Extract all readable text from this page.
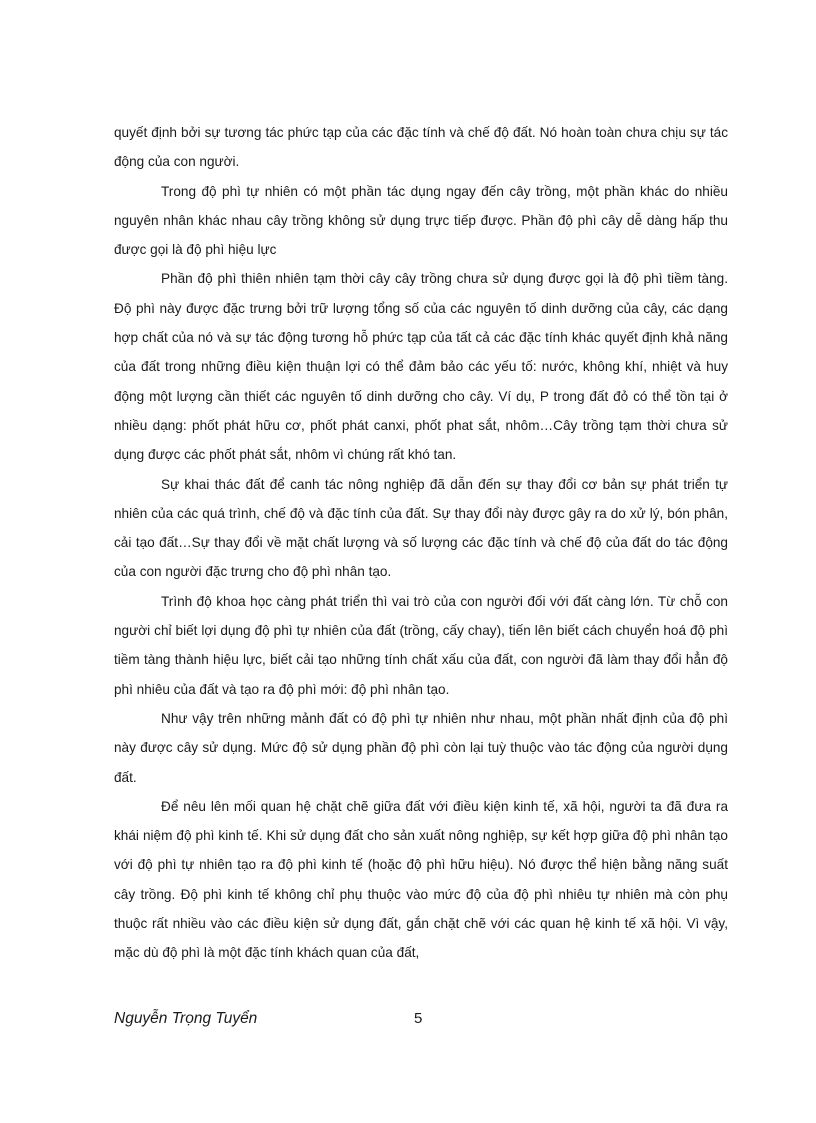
quyết định bởi sự tương tác phức tạp của các đặc tính và chế độ đất. Nó hoàn toàn chưa chịu sự tác động của con người.

Trong độ phì tự nhiên có một phần tác dụng ngay đến cây trồng, một phần khác do nhiều nguyên nhân khác nhau cây trồng không sử dụng trực tiếp được. Phần độ phì cây dễ dàng hấp thu được gọi là độ phì hiệu lực

Phần độ phì thiên nhiên tạm thời cây cây trồng chưa sử dụng được gọi là độ phì tiềm tàng. Độ phì này được đặc trưng bởi trữ lượng tổng số của các nguyên tố dinh dưỡng của cây, các dạng hợp chất của nó và sự tác động tương hỗ phức tạp của tất cả các đặc tính khác quyết định khả năng của đất trong những điều kiện thuận lợi có thể đảm bảo các yếu tố: nước, không khí, nhiệt và huy động một lượng cần thiết các nguyên tố dinh dưỡng cho cây. Ví dụ, P trong đất đỏ có thể tồn tại ở nhiều dạng: phốt phát hữu cơ, phốt phát canxi, phốt phat sắt, nhôm…Cây trồng tạm thời chưa sử dụng được các phốt phát sắt, nhôm vì chúng rất khó tan.

Sự khai thác đất để canh tác nông nghiệp đã dẫn đến sự thay đổi cơ bản sự phát triển tự nhiên của các quá trình, chế độ và đặc tính của đất. Sự thay đổi này được gây ra do xử lý, bón phân, cải tạo đất…Sự thay đổi về mặt chất lượng và số lượng các đặc tính và chế độ của đất do tác động của con người đặc trưng cho độ phì nhân tạo.

Trình độ khoa học càng phát triển thì vai trò của con người đối với đất càng lớn. Từ chỗ con người chỉ biết lợi dụng độ phì tự nhiên của đất (trồng, cấy chay), tiến lên biết cách chuyển hoá độ phì tiềm tàng thành hiệu lực, biết cải tạo những tính chất xấu của đất, con người đã làm thay đổi hẳn độ phì nhiêu của đất và tạo ra độ phì mới: độ phì nhân tạo.

Như vậy trên những mảnh đất có độ phì tự nhiên như nhau, một phần nhất định của độ phì này được cây sử dụng. Mức độ sử dụng phần độ phì còn lại tuỳ thuộc vào tác động của người dụng đất.

Để nêu lên mối quan hệ chặt chẽ giữa đất với điều kiện kinh tế, xã hội, người ta đã đưa ra khái niệm độ phì kinh tế. Khi sử dụng đất cho sản xuất nông nghiệp, sự kết hợp giữa độ phì nhân tạo với độ phì tự nhiên tạo ra độ phì kinh tế (hoặc độ phì hữu hiệu). Nó được thể hiện bằng năng suất cây trồng. Độ phì kinh tế không chỉ phụ thuộc vào mức độ của độ phì nhiêu tự nhiên mà còn phụ thuộc rất nhiều vào các điều kiện sử dụng đất, gắn chặt chẽ với các quan hệ kinh tế xã hội. Vì vậy, mặc dù độ phì là một đặc tính khách quan của đất,

Nguyễn Trọng Tuyển	5
